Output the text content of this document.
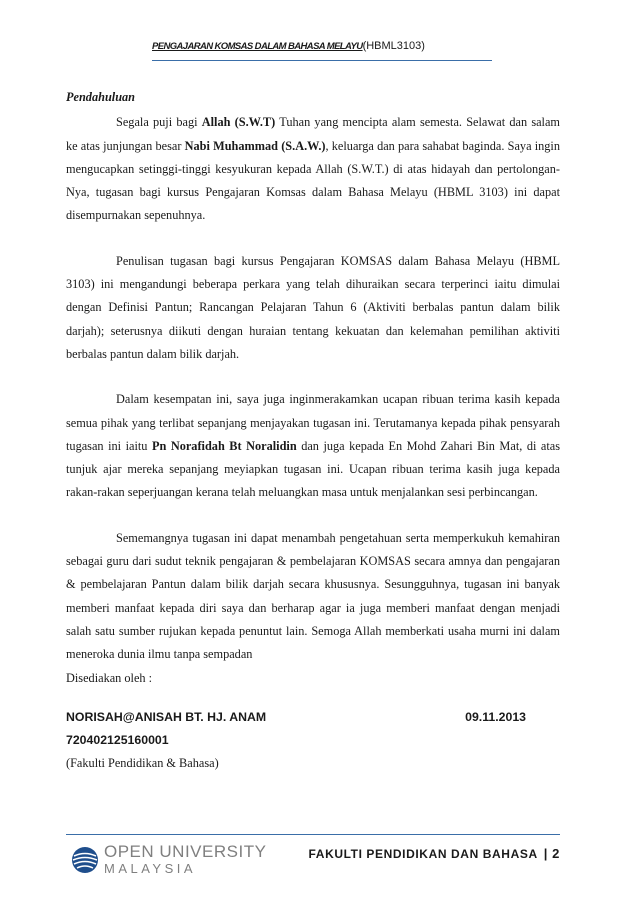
PENGAJARAN KOMSAS DALAM BAHASA MELAYU(HBML3103)
Pendahuluan

Segala puji bagi Allah (S.W.T) Tuhan yang mencipta alam semesta. Selawat dan salam ke atas junjungan besar Nabi Muhammad (S.A.W.), keluarga dan para sahabat baginda. Saya ingin mengucapkan setinggi-tinggi kesyukuran kepada Allah (S.W.T.) di atas hidayah dan pertolongan-Nya, tugasan bagi kursus Pengajaran Komsas dalam Bahasa Melayu (HBML 3103) ini dapat disempurnakan sepenuhnya.

Penulisan tugasan bagi kursus Pengajaran KOMSAS dalam Bahasa Melayu (HBML 3103) ini mengandungi beberapa perkara yang telah dihuraikan secara terperinci iaitu dimulai dengan Definisi Pantun; Rancangan Pelajaran Tahun 6 (Aktiviti berbalas pantun dalam bilik darjah); seterusnya diikuti dengan huraian tentang kekuatan dan kelemahan pemilihan aktiviti berbalas pantun dalam bilik darjah.

Dalam kesempatan ini, saya juga inginmerakamkan ucapan ribuan terima kasih kepada semua pihak yang terlibat sepanjang menjayakan tugasan ini. Terutamanya kepada pihak pensyarah tugasan ini iaitu Pn Norafidah Bt Noralidin dan juga kepada En Mohd Zahari Bin Mat, di atas tunjuk ajar mereka sepanjang meyiapkan tugasan ini. Ucapan ribuan terima kasih juga kepada rakan-rakan seperjuangan kerana telah meluangkan masa untuk menjalankan sesi perbincangan.

Sememangnya tugasan ini dapat menambah pengetahuan serta memperkukuh kemahiran sebagai guru dari sudut teknik pengajaran & pembelajaran KOMSAS secara amnya dan pengajaran & pembelajaran Pantun dalam bilik darjah secara khususnya. Sesungguhnya, tugasan ini banyak memberi manfaat kepada diri saya dan berharap agar ia juga memberi manfaat dengan menjadi salah satu sumber rujukan kepada penuntut lain. Semoga Allah memberkati usaha murni ini dalam meneroka dunia ilmu tanpa sempadan

Disediakan oleh :
NORISAH@ANISAH BT. HJ. ANAM	09.11.2013
720402125160001
(Fakulti Pendidikan & Bahasa)
OPEN UNIVERSITY
MALAYSIA
FAKULTI PENDIDIKAN DAN BAHASA | 2
